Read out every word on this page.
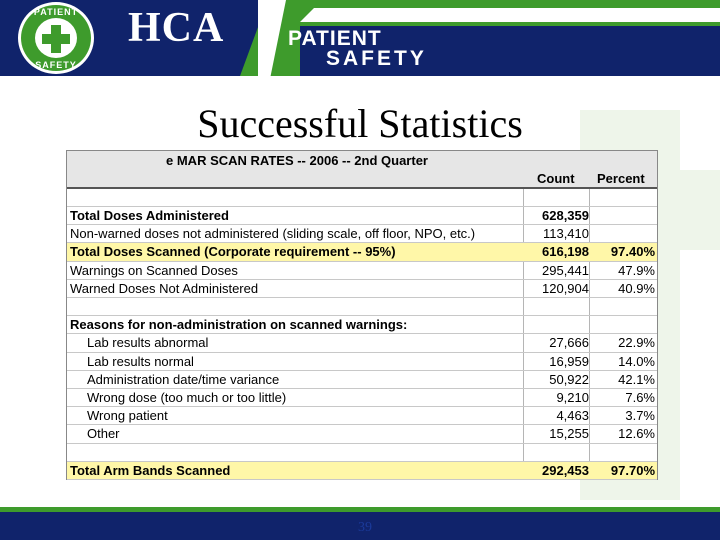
PATIENT
SAFETY
HCA	PATIENT
SAFETY
Successful Statistics
e MAR SCAN RATES -- 2006 -- 2nd Quarter
Count Percent
Total Doses Administered	628,359
Non-warned doses not administered (sliding scale, off floor, NPO, etc.)	113,410
Total Doses Scanned (Corporate requirement -- 95%)	616,198	97.40%
Warnings on Scanned Doses	295,441	47.9%
Warned Doses Not Administered	120,904	40.9%
Reasons for non-administration on scanned warnings:
Lab results abnormal	27,666	22.9%
Lab results normal	16,959	14.0%
Administration date/time variance	50,922	42.1%
Wrong dose (too much or too little)	9,210	7.6%
Wrong patient	4,463	3.7%
Other	15,255	12.6%
Total Arm Bands Scanned	292,453	97.70%
39
